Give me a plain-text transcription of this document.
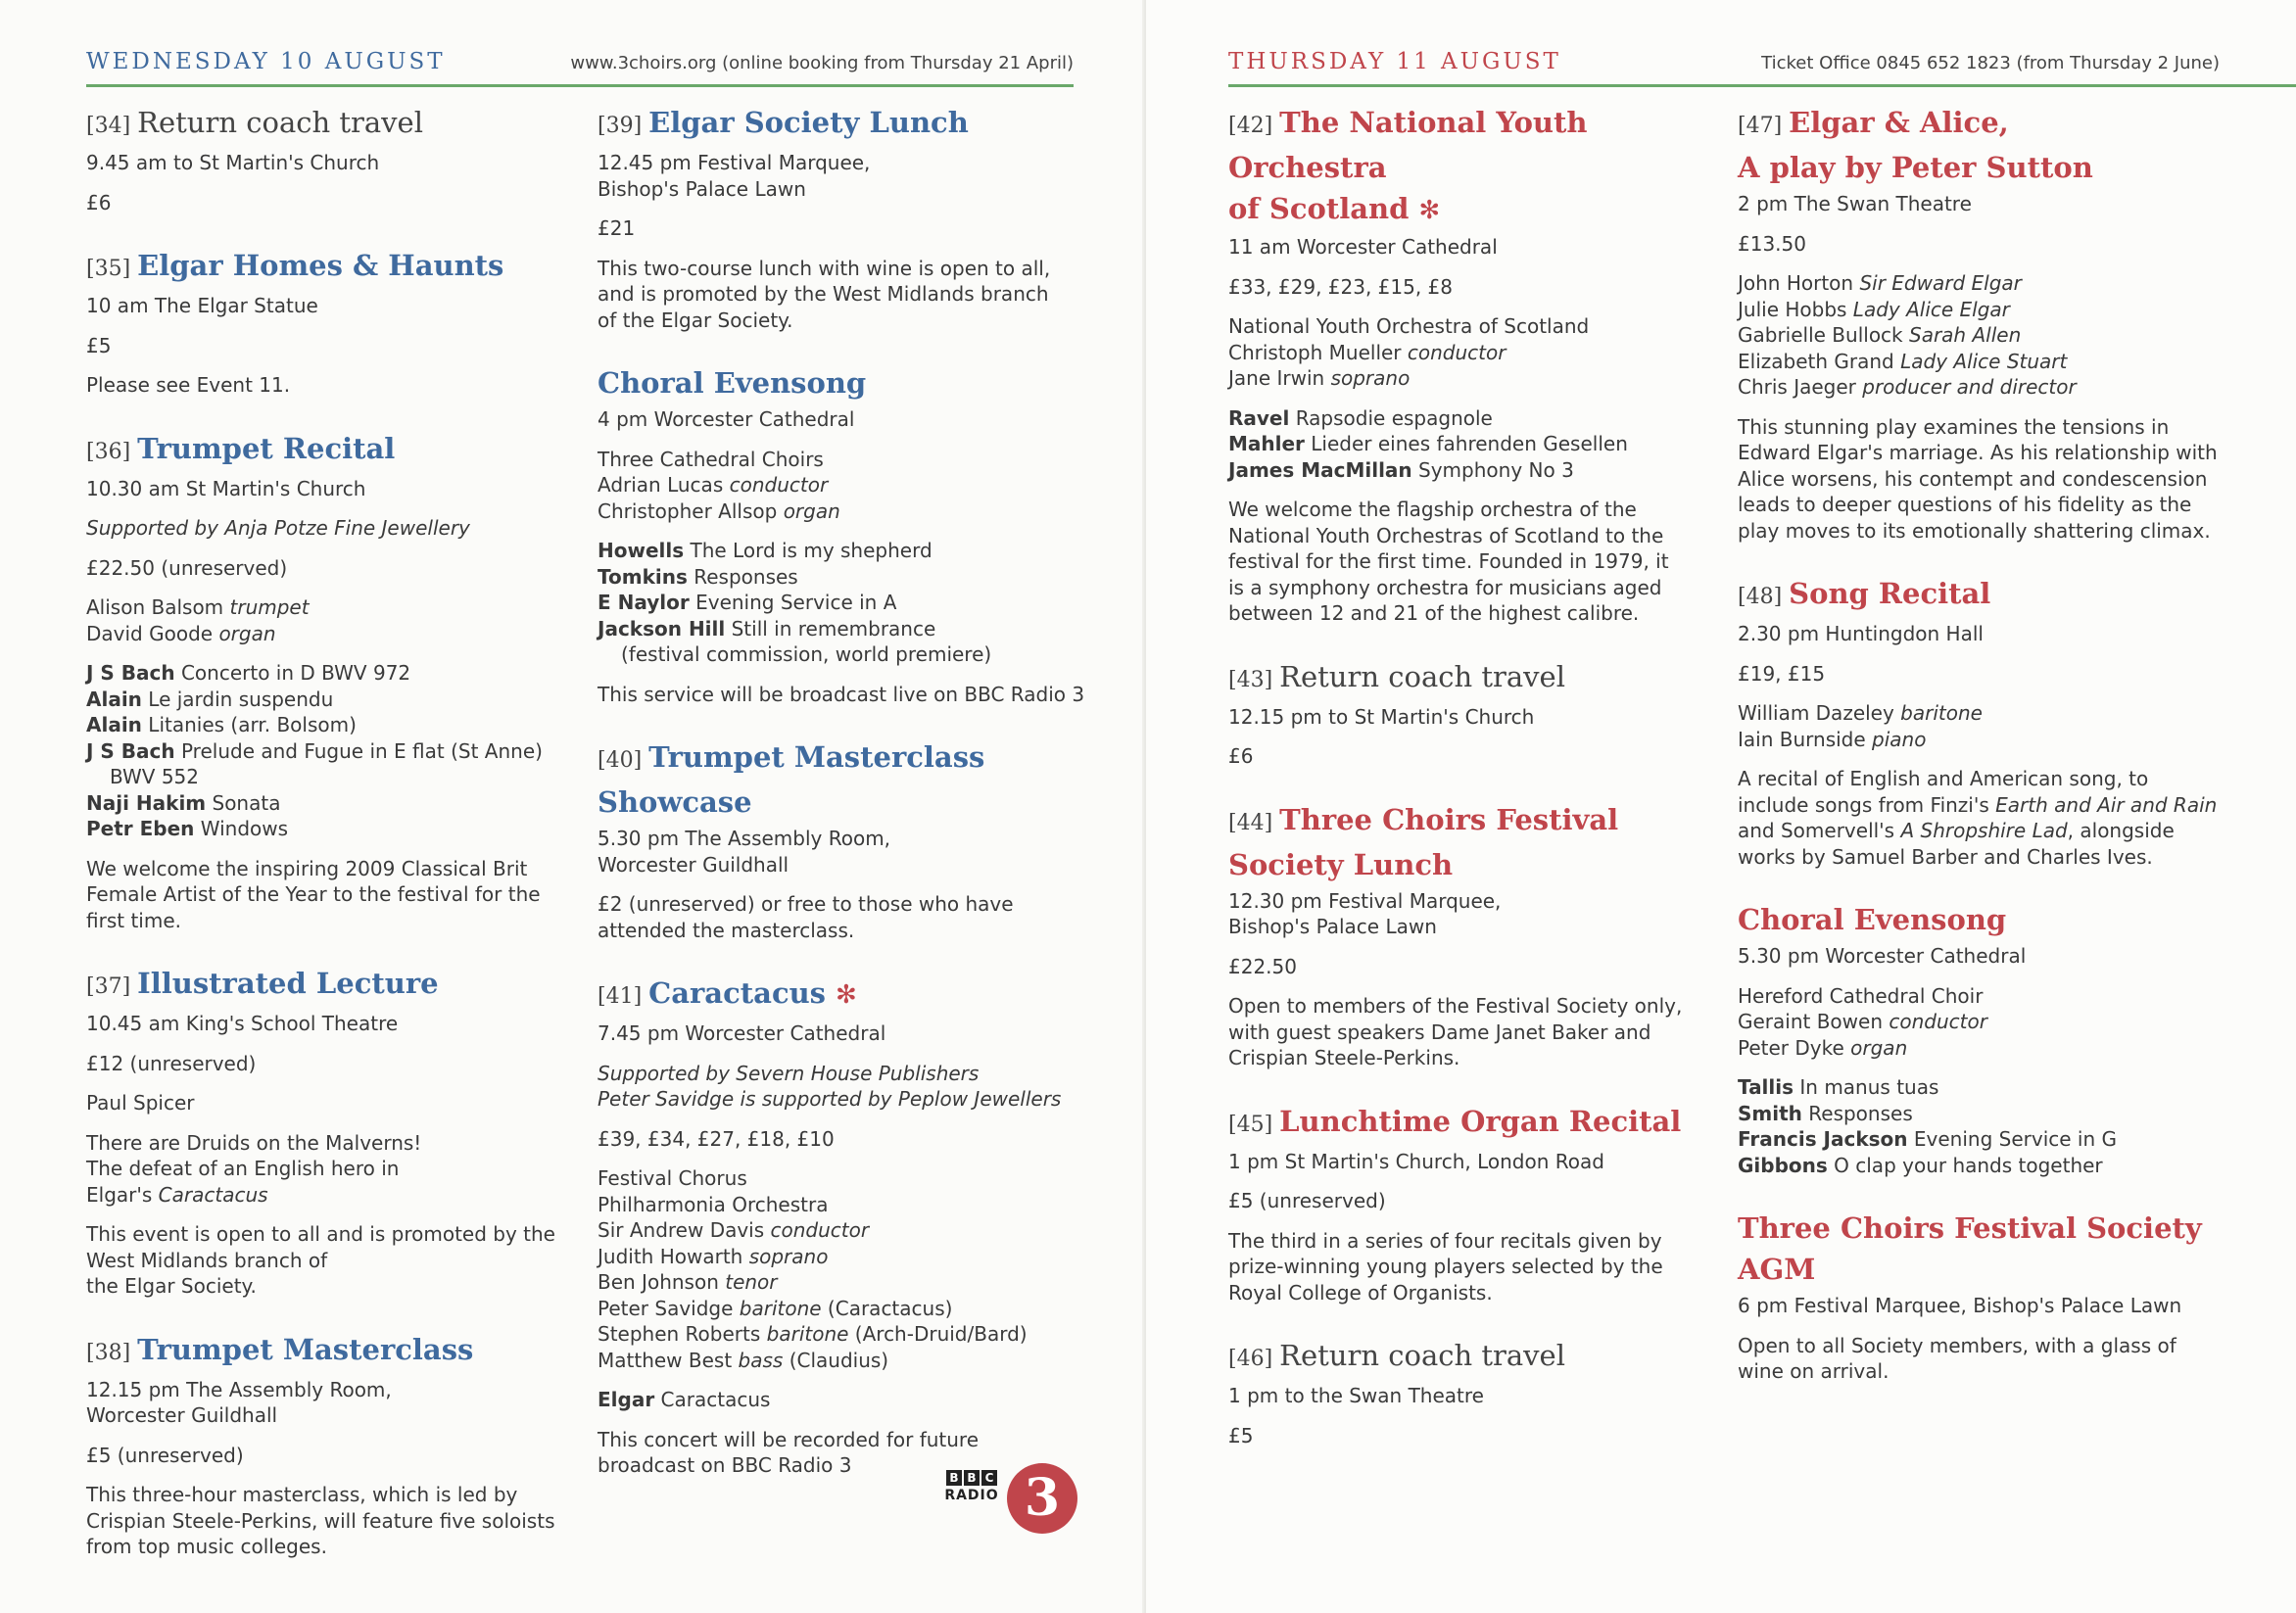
WEDNESDAY 10 AUGUST	www.3choirs.org (online booking from Thursday 21 April)
[34] Return coach travel
9.45 am to St Martin's Church
£6
[35] Elgar Homes & Haunts
10 am The Elgar Statue
£5
Please see Event 11.
[36] Trumpet Recital
10.30 am St Martin's Church
Supported by Anja Potze Fine Jewellery
£22.50 (unreserved)
Alison Balsom trumpet
David Goode organ
J S Bach Concerto in D BWV 972
Alain Le jardin suspendu
Alain Litanies (arr. Bolsom)
J S Bach Prelude and Fugue in E flat (St Anne)
BWV 552
Naji Hakim Sonata
Petr Eben Windows
We welcome the inspiring 2009 Classical Brit
Female Artist of the Year to the festival for the
first time.
[37] Illustrated Lecture
10.45 am King's School Theatre
£12 (unreserved)
Paul Spicer
There are Druids on the Malverns!
The defeat of an English hero in
Elgar's Caractacus
This event is open to all and is promoted by the
West Midlands branch of
the Elgar Society.
[38] Trumpet Masterclass
12.15 pm The Assembly Room,
Worcester Guildhall
£5 (unreserved)
This three-hour masterclass, which is led by
Crispian Steele-Perkins, will feature five soloists
from top music colleges.
[39] Elgar Society Lunch
12.45 pm Festival Marquee,
Bishop's Palace Lawn
£21
This two-course lunch with wine is open to all,
and is promoted by the West Midlands branch
of the Elgar Society.
Choral Evensong
4 pm Worcester Cathedral
Three Cathedral Choirs
Adrian Lucas conductor
Christopher Allsop organ
Howells The Lord is my shepherd
Tomkins Responses
E Naylor Evening Service in A
Jackson Hill Still in remembrance
(festival commission, world premiere)
This service will be broadcast live on BBC Radio 3
[40] Trumpet Masterclass Showcase
5.30 pm The Assembly Room,
Worcester Guildhall
£2 (unreserved) or free to those who have
attended the masterclass.
[41] Caractacus ✻
7.45 pm Worcester Cathedral
Supported by Severn House Publishers
Peter Savidge is supported by Peplow Jewellers
£39, £34, £27, £18, £10
Festival Chorus
Philharmonia Orchestra
Sir Andrew Davis conductor
Judith Howarth soprano
Ben Johnson tenor
Peter Savidge baritone (Caractacus)
Stephen Roberts baritone (Arch-Druid/Bard)
Matthew Best bass (Claudius)
Elgar Caractacus
This concert will be recorded for future
broadcast on BBC Radio 3
B B C
RADIO 3
THURSDAY 11 AUGUST	Ticket Office 0845 652 1823 (from Thursday 2 June)
[42] The National Youth Orchestra
of Scotland ✻
11 am Worcester Cathedral
£33, £29, £23, £15, £8
National Youth Orchestra of Scotland
Christoph Mueller conductor
Jane Irwin soprano
Ravel Rapsodie espagnole
Mahler Lieder eines fahrenden Gesellen
James MacMillan Symphony No 3
We welcome the flagship orchestra of the
National Youth Orchestras of Scotland to the
festival for the first time. Founded in 1979, it
is a symphony orchestra for musicians aged
between 12 and 21 of the highest calibre.
[43] Return coach travel
12.15 pm to St Martin's Church
£6
[44] Three Choirs Festival
Society Lunch
12.30 pm Festival Marquee,
Bishop's Palace Lawn
£22.50
Open to members of the Festival Society only,
with guest speakers Dame Janet Baker and
Crispian Steele-Perkins.
[45] Lunchtime Organ Recital
1 pm St Martin's Church, London Road
£5 (unreserved)
The third in a series of four recitals given by
prize-winning young players selected by the
Royal College of Organists.
[46] Return coach travel
1 pm to the Swan Theatre
£5
[47] Elgar & Alice,
A play by Peter Sutton
2 pm The Swan Theatre
£13.50
John Horton Sir Edward Elgar
Julie Hobbs Lady Alice Elgar
Gabrielle Bullock Sarah Allen
Elizabeth Grand Lady Alice Stuart
Chris Jaeger producer and director
This stunning play examines the tensions in
Edward Elgar's marriage. As his relationship with
Alice worsens, his contempt and condescension
leads to deeper questions of his fidelity as the
play moves to its emotionally shattering climax.
[48] Song Recital
2.30 pm Huntingdon Hall
£19, £15
William Dazeley baritone
Iain Burnside piano
A recital of English and American song, to
include songs from Finzi's Earth and Air and Rain
and Somervell's A Shropshire Lad, alongside
works by Samuel Barber and Charles Ives.
Choral Evensong
5.30 pm Worcester Cathedral
Hereford Cathedral Choir
Geraint Bowen conductor
Peter Dyke organ
Tallis In manus tuas
Smith Responses
Francis Jackson Evening Service in G
Gibbons O clap your hands together
Three Choirs Festival Society AGM
6 pm Festival Marquee, Bishop's Palace Lawn
Open to all Society members, with a glass of
wine on arrival.
